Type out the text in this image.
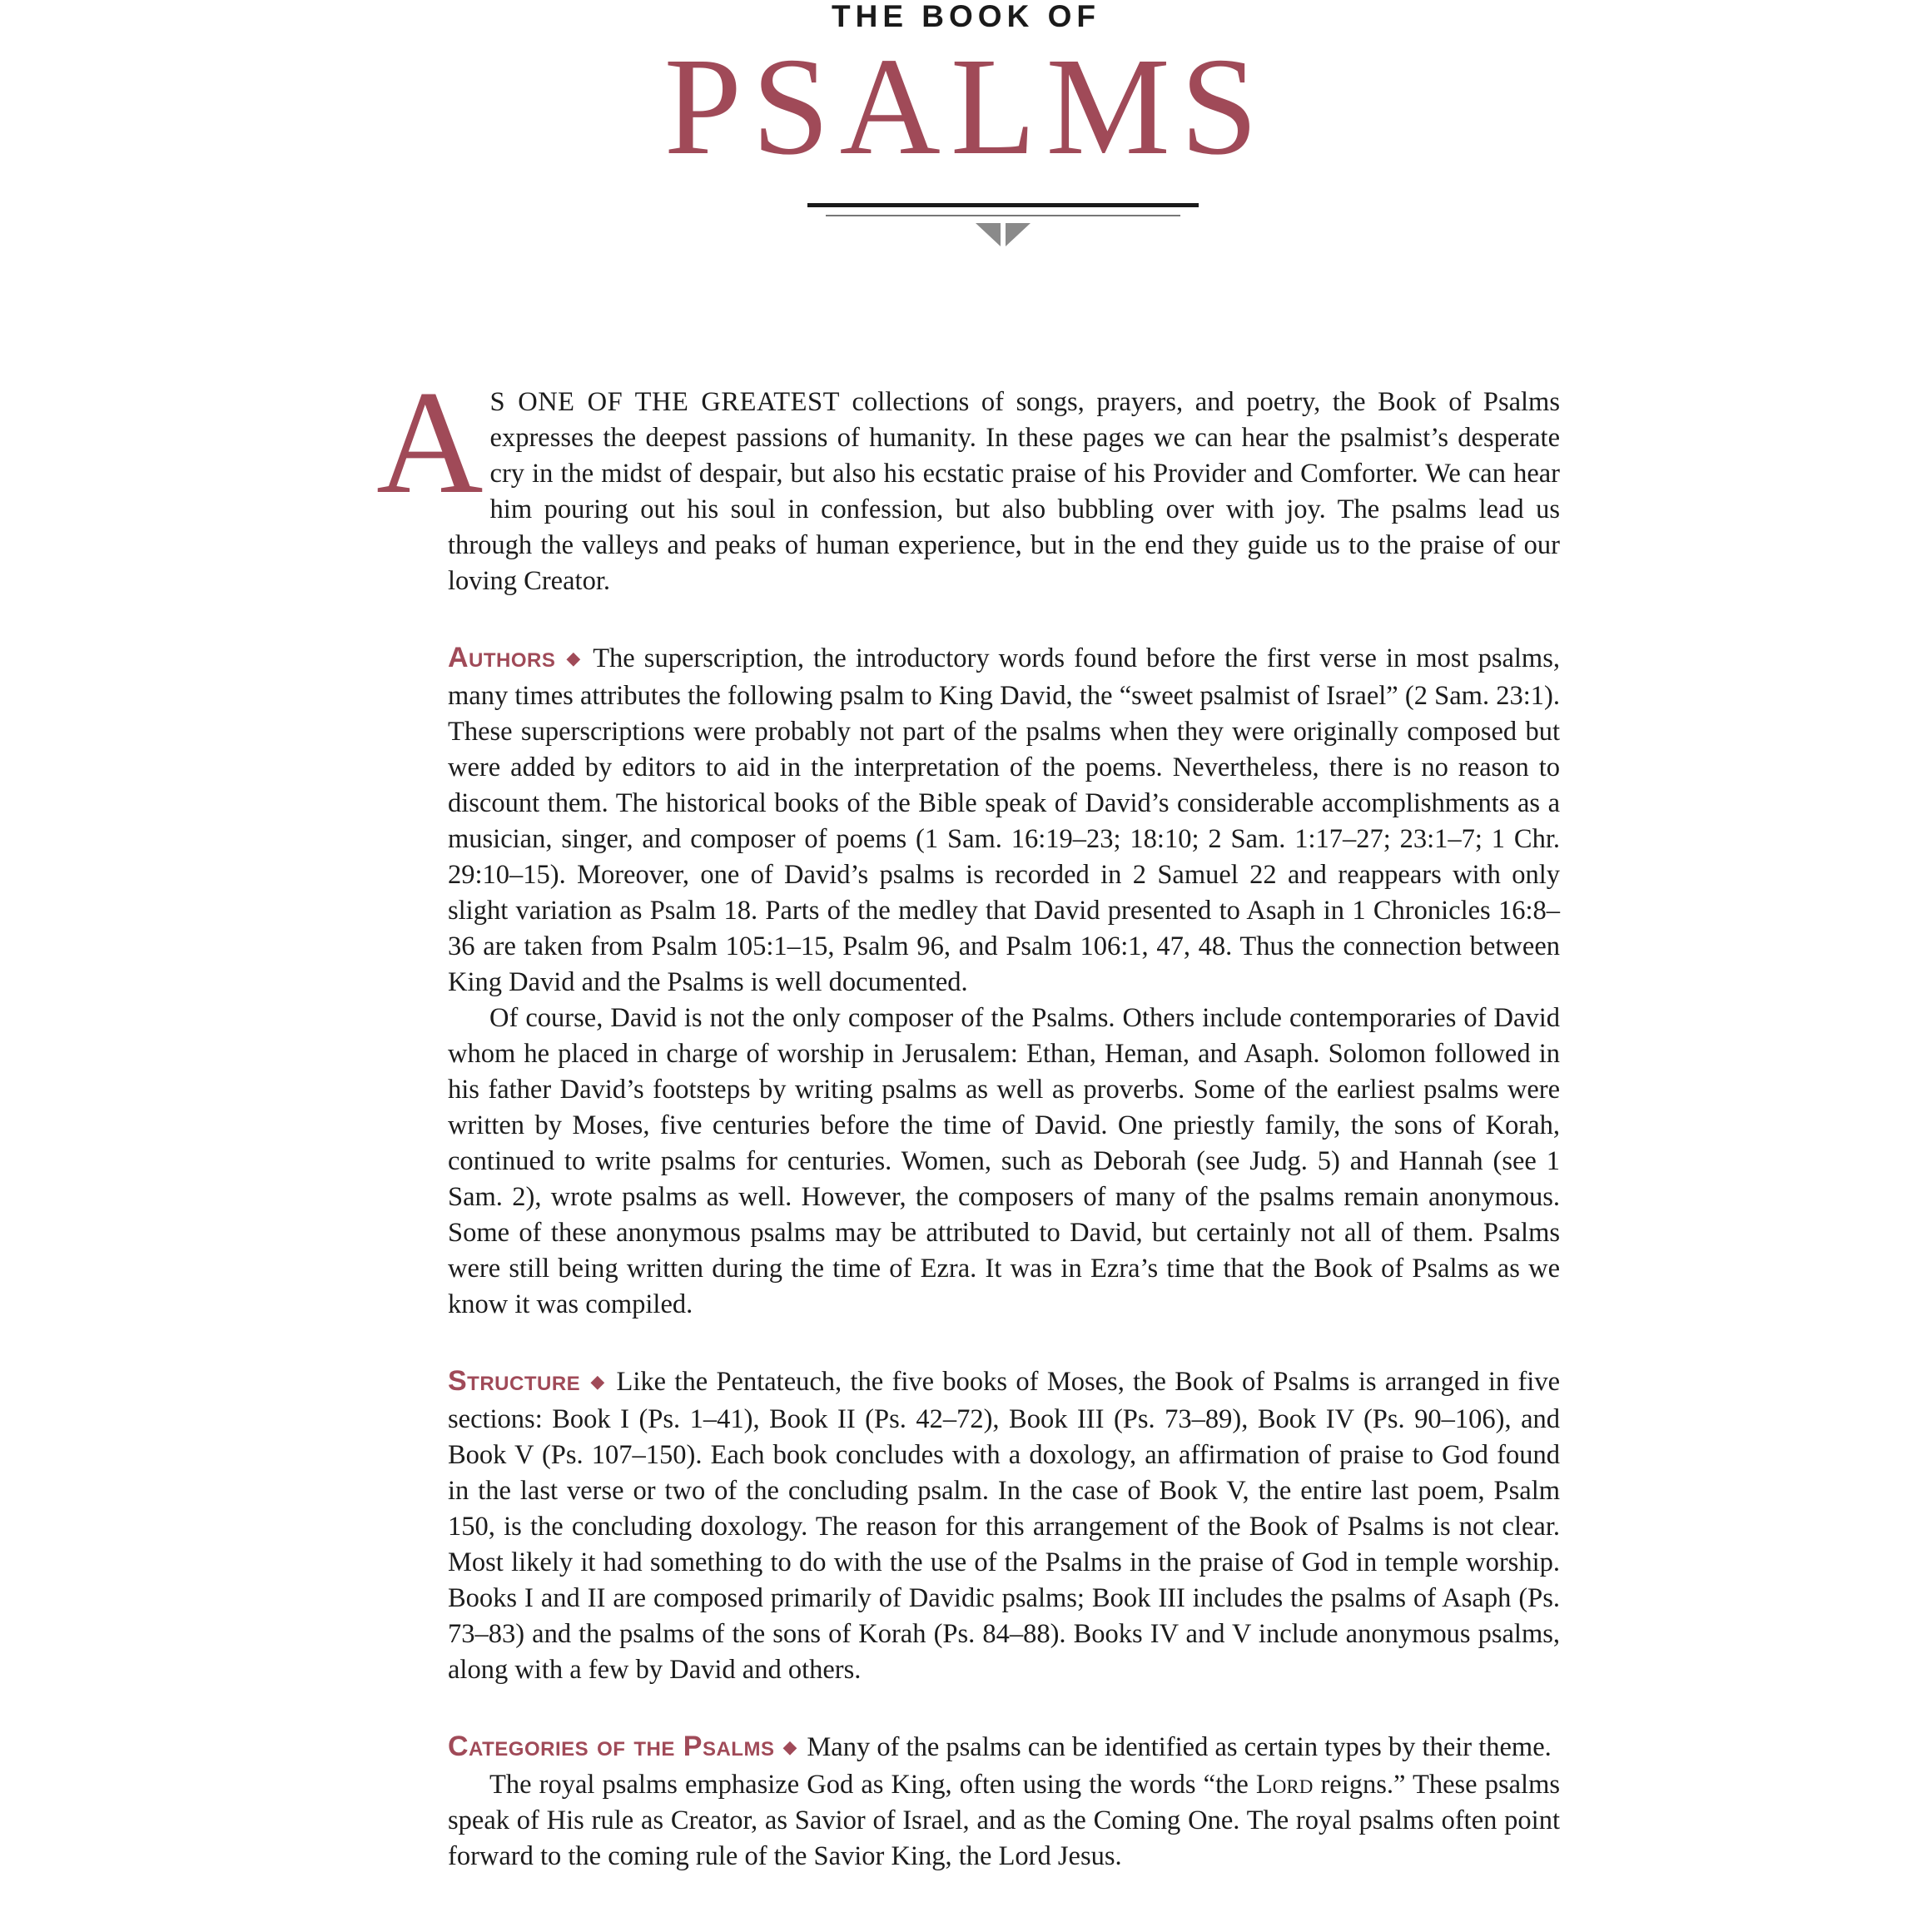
THE BOOK OF
PSALMS

A S ONE OF THE GREATEST collections of songs, prayers, and poetry, the Book of Psalms expresses the deepest passions of humanity. In these pages we can hear the psalmist’s desperate cry in the midst of despair, but also his ecstatic praise of his Provider and Comforter. We can hear him pouring out his soul in confession, but also bubbling over with joy. The psalms lead us through the valleys and peaks of human experience, but in the end they guide us to the praise of our loving Creator.

Authors ◆ The superscription, the introductory words found before the first verse in most psalms, many times attributes the following psalm to King David, the “sweet psalmist of Israel” (2 Sam. 23:1). These superscriptions were probably not part of the psalms when they were originally composed but were added by editors to aid in the interpretation of the poems. Nevertheless, there is no reason to discount them. The historical books of the Bible speak of David’s considerable accomplishments as a musician, singer, and composer of poems (1 Sam. 16:19–23; 18:10; 2 Sam. 1:17–27; 23:1–7; 1 Chr. 29:10–15). Moreover, one of David’s psalms is recorded in 2 Samuel 22 and reappears with only slight variation as Psalm 18. Parts of the medley that David presented to Asaph in 1 Chronicles 16:8–36 are taken from Psalm 105:1–15, Psalm 96, and Psalm 106:1, 47, 48. Thus the connection between King David and the Psalms is well documented.

Of course, David is not the only composer of the Psalms. Others include contemporaries of David whom he placed in charge of worship in Jerusalem: Ethan, Heman, and Asaph. Solomon followed in his father David’s footsteps by writing psalms as well as proverbs. Some of the earliest psalms were written by Moses, five centuries before the time of David. One priestly family, the sons of Korah, continued to write psalms for centuries. Women, such as Deborah (see Judg. 5) and Hannah (see 1 Sam. 2), wrote psalms as well. However, the composers of many of the psalms remain anonymous. Some of these anonymous psalms may be attributed to David, but certainly not all of them. Psalms were still being written during the time of Ezra. It was in Ezra’s time that the Book of Psalms as we know it was compiled.

Structure ◆ Like the Pentateuch, the five books of Moses, the Book of Psalms is arranged in five sections: Book I (Ps. 1–41), Book II (Ps. 42–72), Book III (Ps. 73–89), Book IV (Ps. 90–106), and Book V (Ps. 107–150). Each book concludes with a doxology, an affirmation of praise to God found in the last verse or two of the concluding psalm. In the case of Book V, the entire last poem, Psalm 150, is the concluding doxology. The reason for this arrangement of the Book of Psalms is not clear. Most likely it had something to do with the use of the Psalms in the praise of God in temple worship. Books I and II are composed primarily of Davidic psalms; Book III includes the psalms of Asaph (Ps. 73–83) and the psalms of the sons of Korah (Ps. 84–88). Books IV and V include anonymous psalms, along with a few by David and others.

Categories of the Psalms ◆ Many of the psalms can be identified as certain types by their theme.

The royal psalms emphasize God as King, often using the words “the Lord reigns.” These psalms speak of His rule as Creator, as Savior of Israel, and as the Coming One. The royal psalms often point forward to the coming rule of the Savior King, the Lord Jesus.
